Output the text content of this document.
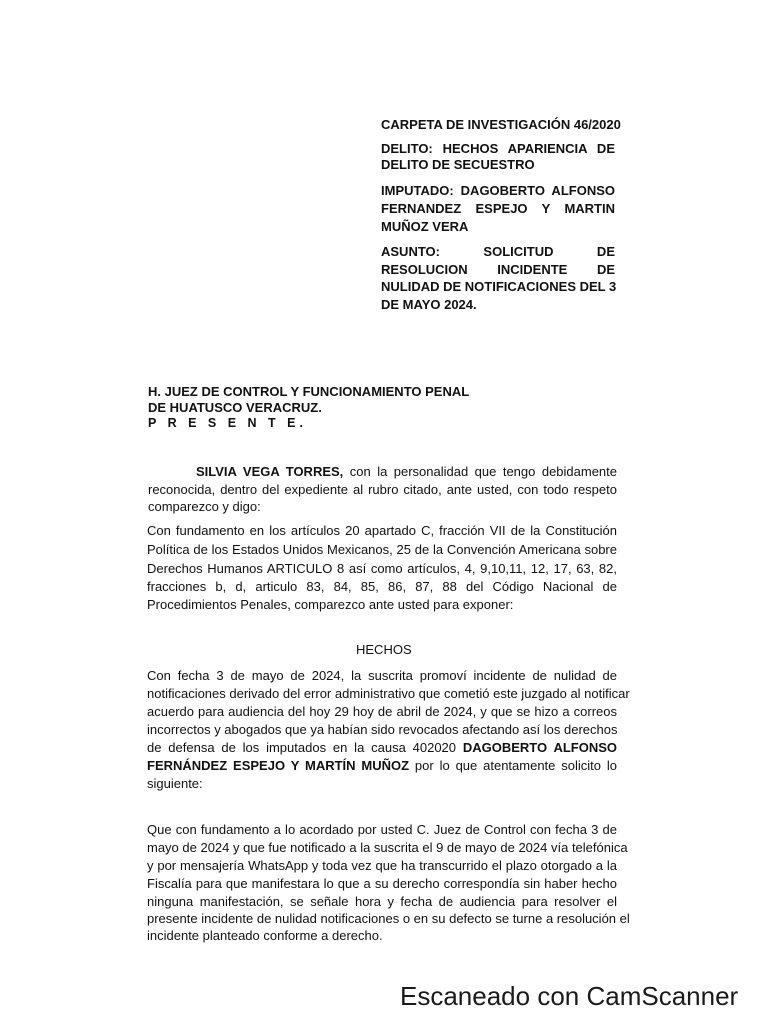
CARPETA DE INVESTIGACIÓN 46/2020
DELITO: HECHOS APARIENCIA DE
DELITO DE SECUESTRO
IMPUTADO: DAGOBERTO ALFONSO
FERNANDEZ ESPEJO Y MARTIN
MUÑOZ VERA
ASUNTO: SOLICITUD DE
RESOLUCION INCIDENTE DE
NULIDAD DE NOTIFICACIONES DEL 3
DE MAYO 2024.
H. JUEZ DE CONTROL Y FUNCIONAMIENTO PENAL
DE HUATUSCO VERACRUZ.
P R E S E N T E.
SILVIA VEGA TORRES, con la personalidad que tengo debidamente
reconocida, dentro del expediente al rubro citado, ante usted, con todo respeto
comparezco y digo:
Con fundamento en los artículos 20 apartado C, fracción VII de la Constitución
Política de los Estados Unidos Mexicanos, 25 de la Convención Americana sobre
Derechos Humanos ARTICULO 8 así como artículos, 4, 9,10,11, 12, 17, 63, 82,
fracciones b, d, articulo 83, 84, 85, 86, 87, 88 del Código Nacional de
Procedimientos Penales, comparezco ante usted para exponer:
HECHOS
Con fecha 3 de mayo de 2024, la suscrita promoví incidente de nulidad de
notificaciones derivado del error administrativo que cometió este juzgado al notificar
acuerdo para audiencia del hoy 29 hoy de abril de 2024, y que se hizo a correos
incorrectos y abogados que ya habían sido revocados afectando así los derechos
de defensa de los imputados en la causa 402020 DAGOBERTO ALFONSO
FERNÁNDEZ ESPEJO Y MARTÍN MUÑOZ por lo que atentamente solicito lo
siguiente:
Que con fundamento a lo acordado por usted C. Juez de Control con fecha 3 de
mayo de 2024 y que fue notificado a la suscrita el 9 de mayo de 2024 vía telefónica
y por mensajería WhatsApp y toda vez que ha transcurrido el plazo otorgado a la
Fiscalía para que manifestara lo que a su derecho correspondía sin haber hecho
ninguna manifestación, se señale hora y fecha de audiencia para resolver el
presente incidente de nulidad notificaciones o en su defecto se turne a resolución el
incidente planteado conforme a derecho.
Escaneado con CamScanner
